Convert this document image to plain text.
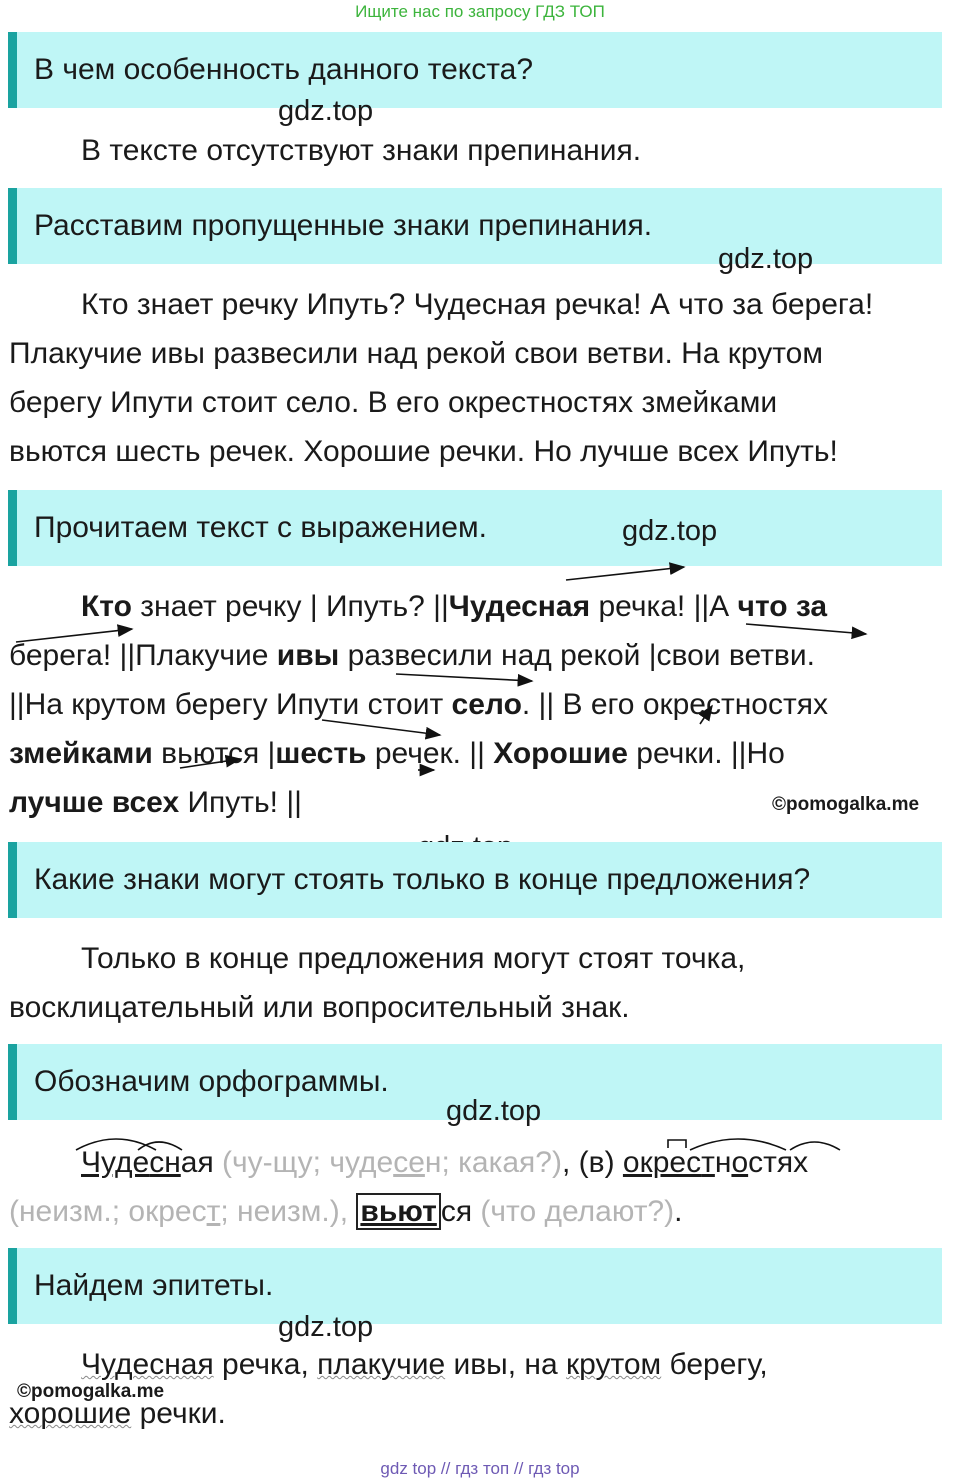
Ищите нас по запросу ГДЗ ТОП
В чем особенность данного текста?
gdz.top
В тексте отсутствуют знаки препинания.
Расставим пропущенные знаки препинания.
gdz.top
Кто знает речку Ипуть? Чудесная речка! А что за берега!
Плакучие ивы развесили над рекой свои ветви. На крутом
берегу Ипути стоит село. В его окрестностях змейками
вьются шесть речек. Хорошие речки. Но лучше всех Ипуть!
Прочитаем текст с выражением.	gdz.top
Кто знает речку | Ипуть? ||Чудесная речка! ||А что за
берега! ||Плакучие ивы развесили над рекой |свои ветви.
||На крутом берегу Ипути стоит село. || В его окрестностях
змейками вьются |шесть речек. || Хорошие речки. ||Но
лучше всех Ипуть! ||	©pomogalka.me
Какие знаки могут стоять только в конце предложения?
Только в конце предложения могут стоят точка,
восклицательный или вопросительный знак.
Обозначим орфограммы.
gdz.top
Чудесная (чу-щу; чудесен; какая?), (в) окрестностях
(неизм.; окрест; неизм.), вьют ся (что делают?).
Найдем эпитеты.
gdz.top
Чудесная речка, плакучие ивы, на крутом берегу,
хорошие речки.
©pomogalka.me
gdz top // гдз топ // гдз top
